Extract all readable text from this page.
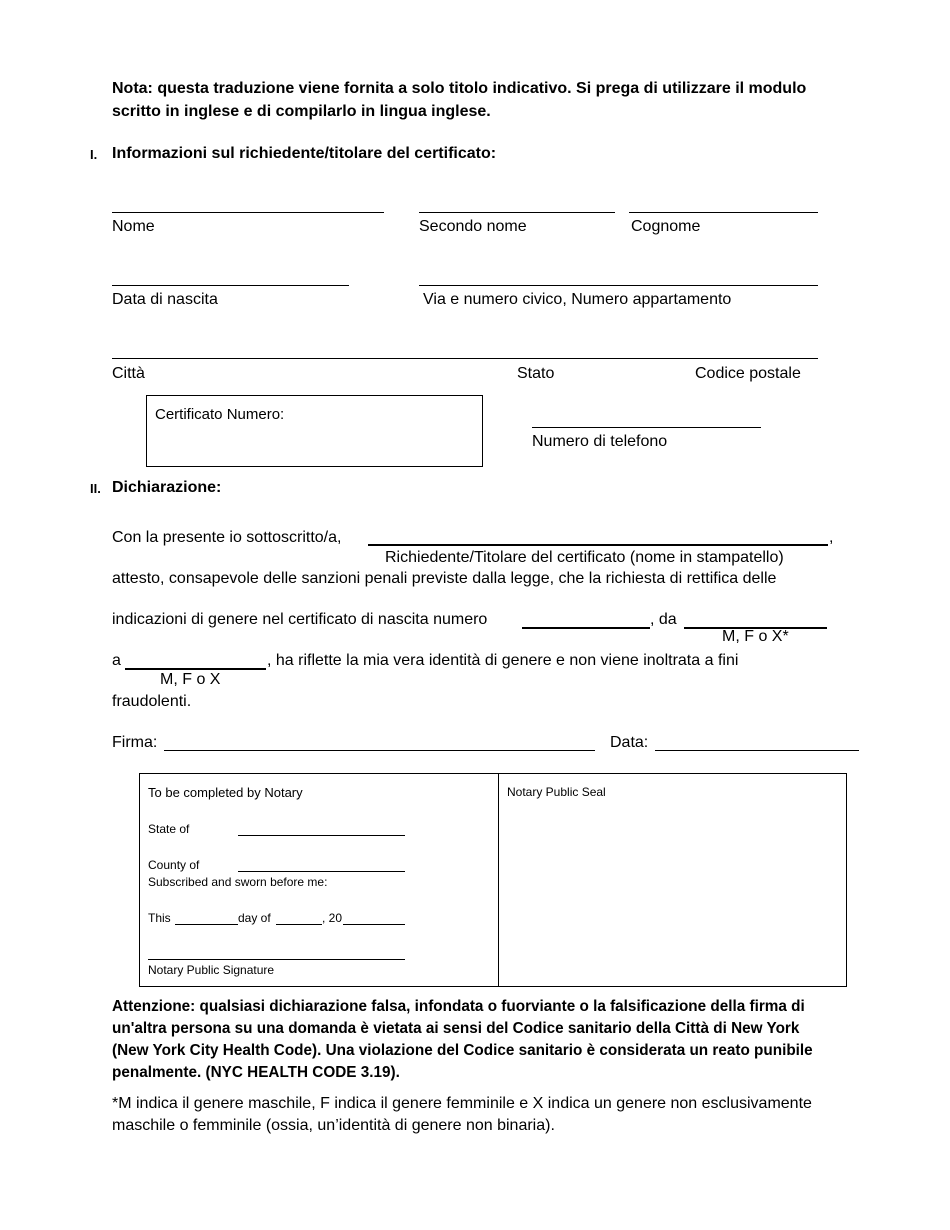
Nota: questa traduzione viene fornita a solo titolo indicativo. Si prega di utilizzare il modulo
scritto in inglese e di compilarlo in lingua inglese.
I. Informazioni sul richiedente/titolare del certificato:
Nome	Secondo nome	Cognome
Data di nascita	Via e numero civico, Numero appartamento
Città	Stato	Codice postale
Certificato Numero:
Numero di telefono
II. Dichiarazione:
Con la presente io sottoscritto/a,	,
Richiedente/Titolare del certificato (nome in stampatello)
attesto, consapevole delle sanzioni penali previste dalla legge, che la richiesta di rettifica delle
indicazioni di genere nel certificato di nascita numero	, da
M, F o X*
a	, ha riflette la mia vera identità di genere e non viene inoltrata a fini
M, F o X
fraudolenti.
Firma:	Data:
To be completed by Notary
State of
County of
Subscribed and sworn before me:
This	day of	, 20
Notary Public Signature
Notary Public Seal
Attenzione: qualsiasi dichiarazione falsa, infondata o fuorviante o la falsificazione della firma di
un'altra persona su una domanda è vietata ai sensi del Codice sanitario della Città di New York
(New York City Health Code). Una violazione del Codice sanitario è considerata un reato punibile
penalmente. (NYC HEALTH CODE 3.19).
*M indica il genere maschile, F indica il genere femminile e X indica un genere non esclusivamente
maschile o femminile (ossia, un’identità di genere non binaria).
